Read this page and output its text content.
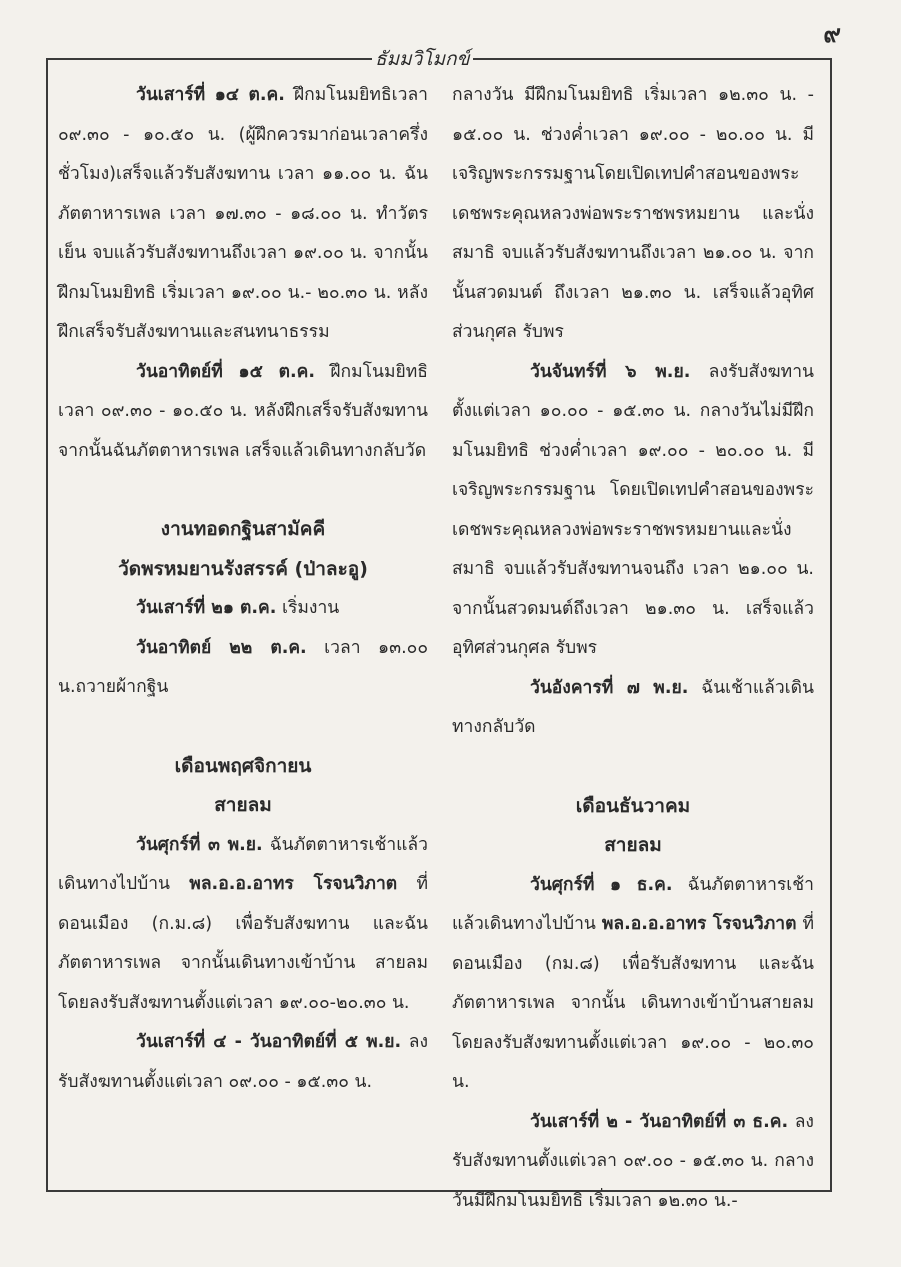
๙
ธัมมวิโมกข์

วันเสาร์ที่ ๑๔ ต.ค. ฝึกมโนมยิทธิเวลา ๐๙.๓๐ - ๑๐.๕๐ น. (ผู้ฝึกควรมาก่อนเวลาครึ่งชั่วโมง)เสร็จแล้วรับสังฆทาน เวลา ๑๑.๐๐ น. ฉันภัตตาหารเพล เวลา ๑๗.๓๐ - ๑๘.๐๐ น. ทำวัตรเย็น จบแล้วรับสังฆทานถึงเวลา ๑๙.๐๐ น. จากนั้นฝึกมโนมยิทธิ เริ่มเวลา ๑๙.๐๐ น.- ๒๐.๓๐ น. หลังฝึกเสร็จรับสังฆทานและสนทนาธรรม

วันอาทิตย์ที่ ๑๕ ต.ค. ฝึกมโนมยิทธิ เวลา ๐๙.๓๐ - ๑๐.๕๐ น. หลังฝึกเสร็จรับสังฆทาน จากนั้นฉันภัตตาหารเพล เสร็จแล้วเดินทางกลับวัด

งานทอดกฐินสามัคคี

วัดพรหมยานรังสรรค์ (ป่าละอู)

วันเสาร์ที่ ๒๑ ต.ค. เริ่มงาน

วันอาทิตย์ ๒๒ ต.ค. เวลา ๑๓.๐๐ น.ถวายผ้ากฐิน

เดือนพฤศจิกายน

สายลม

วันศุกร์ที่ ๓ พ.ย. ฉันภัตตาหารเช้าแล้ว เดินทางไปบ้าน พล.อ.อ.อาทร โรจนวิภาต ที่ดอนเมือง (ก.ม.๘) เพื่อรับสังฆทาน และฉันภัตตาหารเพล จากนั้นเดินทางเข้าบ้าน สายลม โดยลงรับสังฆทานตั้งแต่เวลา ๑๙.๐๐-๒๐.๓๐ น.

วันเสาร์ที่ ๔ - วันอาทิตย์ที่ ๕ พ.ย. ลงรับสังฆทานตั้งแต่เวลา ๐๙.๐๐ - ๑๕.๓๐ น.

กลางวัน มีฝึกมโนมยิทธิ เริ่มเวลา ๑๒.๓๐ น. - ๑๕.๐๐ น. ช่วงค่ำเวลา ๑๙.๐๐ - ๒๐.๐๐ น. มีเจริญพระกรรมฐานโดยเปิดเทปคำสอนของพระเดชพระคุณหลวงพ่อพระราชพรหมยาน และนั่งสมาธิ จบแล้วรับสังฆทานถึงเวลา ๒๑.๐๐ น. จากนั้นสวดมนต์ ถึงเวลา ๒๑.๓๐ น. เสร็จแล้วอุทิศส่วนกุศล รับพร

วันจันทร์ที่ ๖ พ.ย. ลงรับสังฆทาน ตั้งแต่เวลา ๑๐.๐๐ - ๑๕.๓๐ น. กลางวันไม่มีฝึกมโนมยิทธิ ช่วงค่ำเวลา ๑๙.๐๐ - ๒๐.๐๐ น. มีเจริญพระกรรมฐาน โดยเปิดเทปคำสอนของพระเดชพระคุณหลวงพ่อพระราชพรหมยานและนั่งสมาธิ จบแล้วรับสังฆทานจนถึง เวลา ๒๑.๐๐ น. จากนั้นสวดมนต์ถึงเวลา ๒๑.๓๐ น. เสร็จแล้วอุทิศส่วนกุศล รับพร

วันอังคารที่ ๗ พ.ย. ฉันเช้าแล้วเดินทางกลับวัด

เดือนธันวาคม

สายลม

วันศุกร์ที่ ๑ ธ.ค. ฉันภัตตาหารเช้าแล้วเดินทางไปบ้าน พล.อ.อ.อาทร โรจนวิภาต ที่ดอนเมือง (กม.๘) เพื่อรับสังฆทาน และฉันภัตตาหารเพล จากนั้น เดินทางเข้าบ้านสายลม โดยลงรับสังฆทานตั้งแต่เวลา ๑๙.๐๐ - ๒๐.๓๐ น.

วันเสาร์ที่ ๒ - วันอาทิตย์ที่ ๓ ธ.ค. ลงรับสังฆทานตั้งแต่เวลา ๐๙.๐๐ - ๑๕.๓๐ น. กลางวันมีฝึกมโนมยิทธิ เริ่มเวลา ๑๒.๓๐ น.-
